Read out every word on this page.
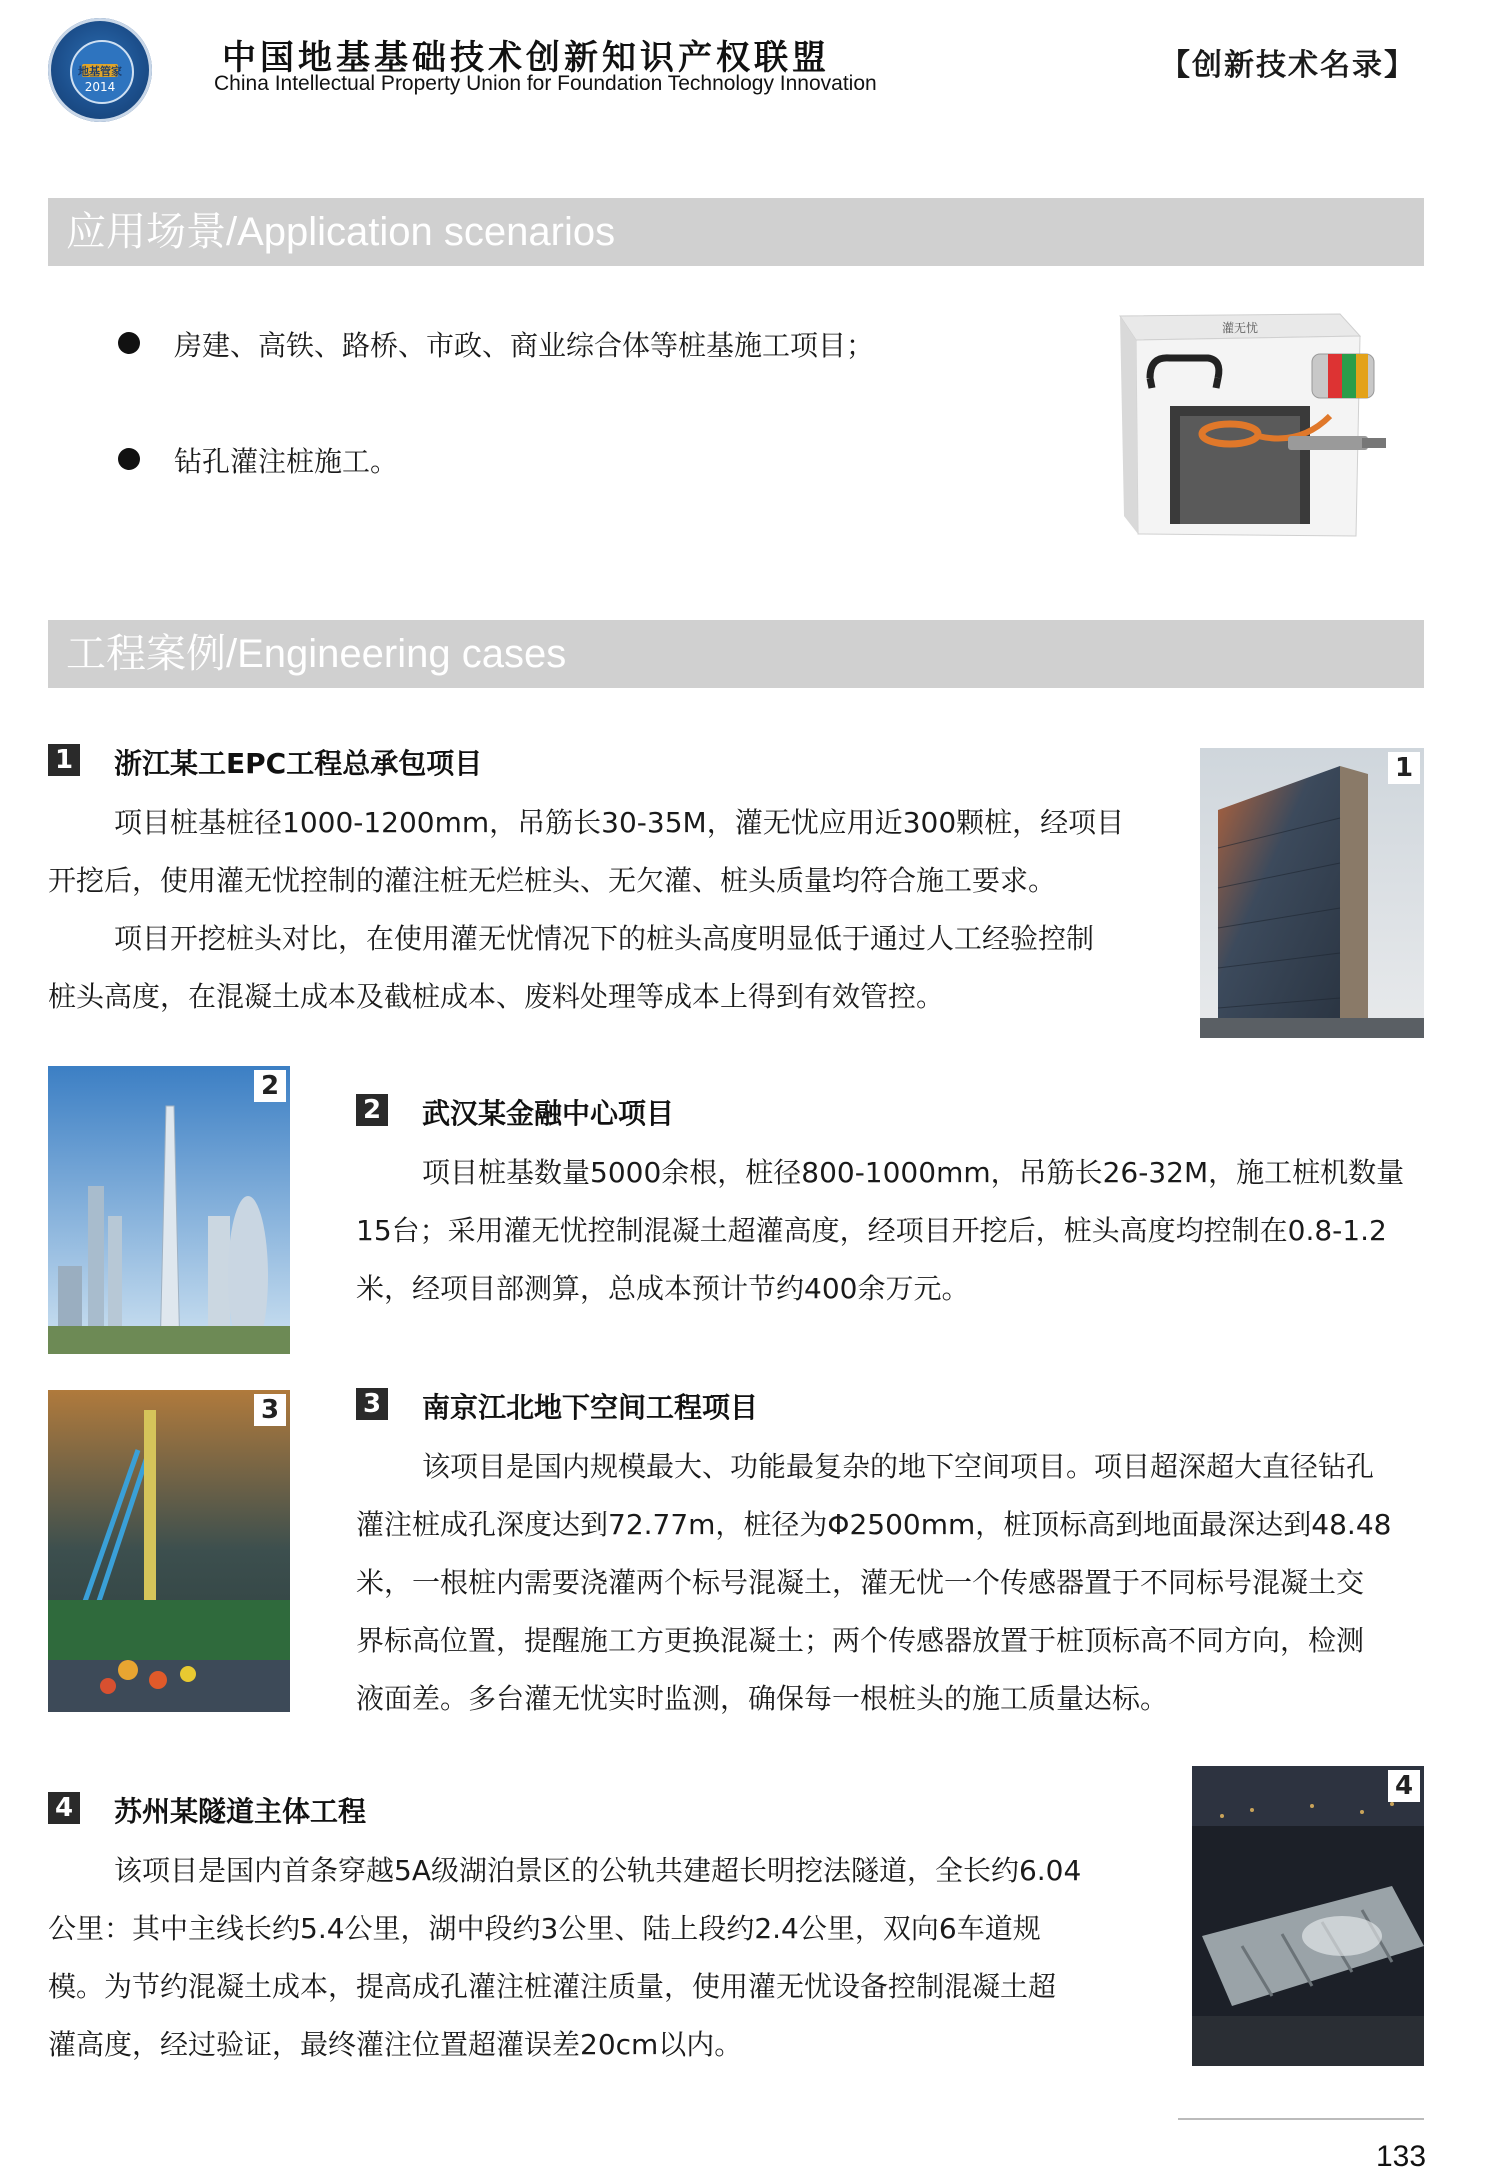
地基管家
2014
中国地基基础技术创新知识产权联盟
China Intellectual Property Union for Foundation Technology Innovation
【创新技术名录】
应用场景/Application scenarios
房建、高铁、路桥、市政、商业综合体等桩基施工项目；
钻孔灌注桩施工。
灌无忧
工程案例/Engineering cases
1 浙江某工EPC工程总承包项目
项目桩基桩径1000-1200mm，吊筋长30-35M，灌无忧应用近300颗桩，经项目
开挖后，使用灌无忧控制的灌注桩无烂桩头、无欠灌、桩头质量均符合施工要求。
项目开挖桩头对比，在使用灌无忧情况下的桩头高度明显低于通过人工经验控制
桩头高度，在混凝土成本及截桩成本、废料处理等成本上得到有效管控。
1
2
2 武汉某金融中心项目
项目桩基数量5000余根，桩径800-1000mm，吊筋长26-32M，施工桩机数量
15台；采用灌无忧控制混凝土超灌高度，经项目开挖后，桩头高度均控制在0.8-1.2
米，经项目部测算，总成本预计节约400余万元。
3	3 南京江北地下空间工程项目
该项目是国内规模最大、功能最复杂的地下空间项目。项目超深超大直径钻孔
灌注桩成孔深度达到72.77m，桩径为Φ2500mm，桩顶标高到地面最深达到48.48
米，一根桩内需要浇灌两个标号混凝土，灌无忧一个传感器置于不同标号混凝土交
界标高位置，提醒施工方更换混凝土；两个传感器放置于桩顶标高不同方向，检测
液面差。多台灌无忧实时监测，确保每一根桩头的施工质量达标。
4 苏州某隧道主体工程
该项目是国内首条穿越5A级湖泊景区的公轨共建超长明挖法隧道，全长约6.04
公里：其中主线长约5.4公里，湖中段约3公里、陆上段约2.4公里，双向6车道规
模。为节约混凝土成本，提高成孔灌注桩灌注质量，使用灌无忧设备控制混凝土超
灌高度，经过验证，最终灌注位置超灌误差20cm以内。
4
133
